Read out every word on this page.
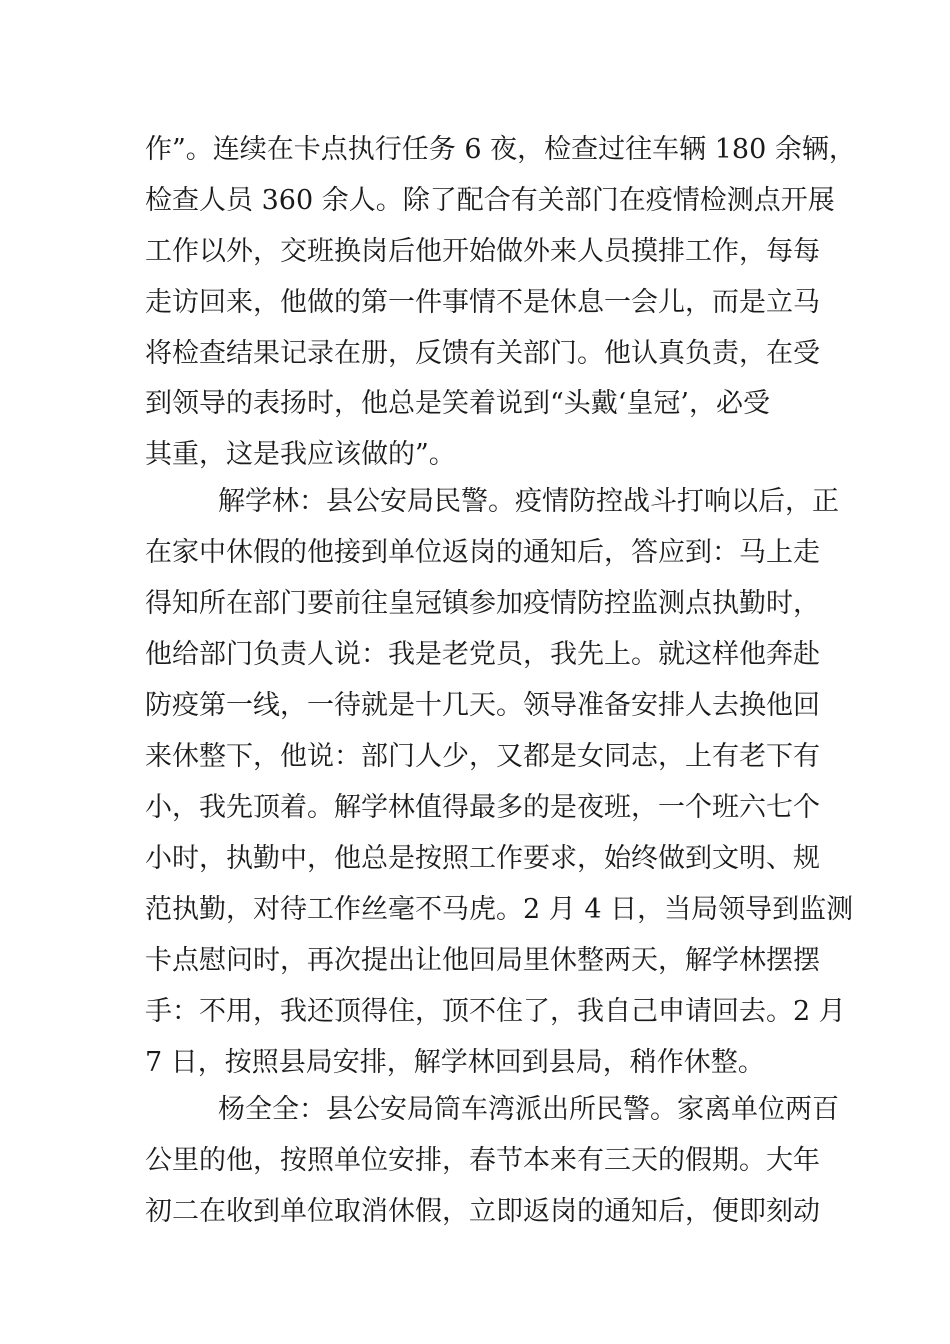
作”。连续在卡点执行任务 6 夜，检查过往车辆 180 余辆，
检查人员 360 余人。除了配合有关部门在疫情检测点开展
工作以外，交班换岗后他开始做外来人员摸排工作，每每
走访回来，他做的第一件事情不是休息一会儿，而是立马
将检查结果记录在册，反馈有关部门。他认真负责，在受
到领导的表扬时，他总是笑着说到“头戴‘皇冠’，必受
其重，这是我应该做的”。
解学林：县公安局民警。疫情防控战斗打响以后，正
在家中休假的他接到单位返岗的通知后，答应到：马上走
得知所在部门要前往皇冠镇参加疫情防控监测点执勤时，
他给部门负责人说：我是老党员，我先上。就这样他奔赴
防疫第一线，一待就是十几天。领导准备安排人去换他回
来休整下，他说：部门人少，又都是女同志，上有老下有
小，我先顶着。解学林值得最多的是夜班，一个班六七个
小时，执勤中，他总是按照工作要求，始终做到文明、规
范执勤，对待工作丝毫不马虎。2 月 4 日，当局领导到监测
卡点慰问时，再次提出让他回局里休整两天，解学林摆摆
手：不用，我还顶得住，顶不住了，我自己申请回去。2 月
7 日，按照县局安排，解学林回到县局，稍作休整。
杨全全：县公安局筒车湾派出所民警。家离单位两百
公里的他，按照单位安排，春节本来有三天的假期。大年
初二在收到单位取消休假，立即返岗的通知后，便即刻动
